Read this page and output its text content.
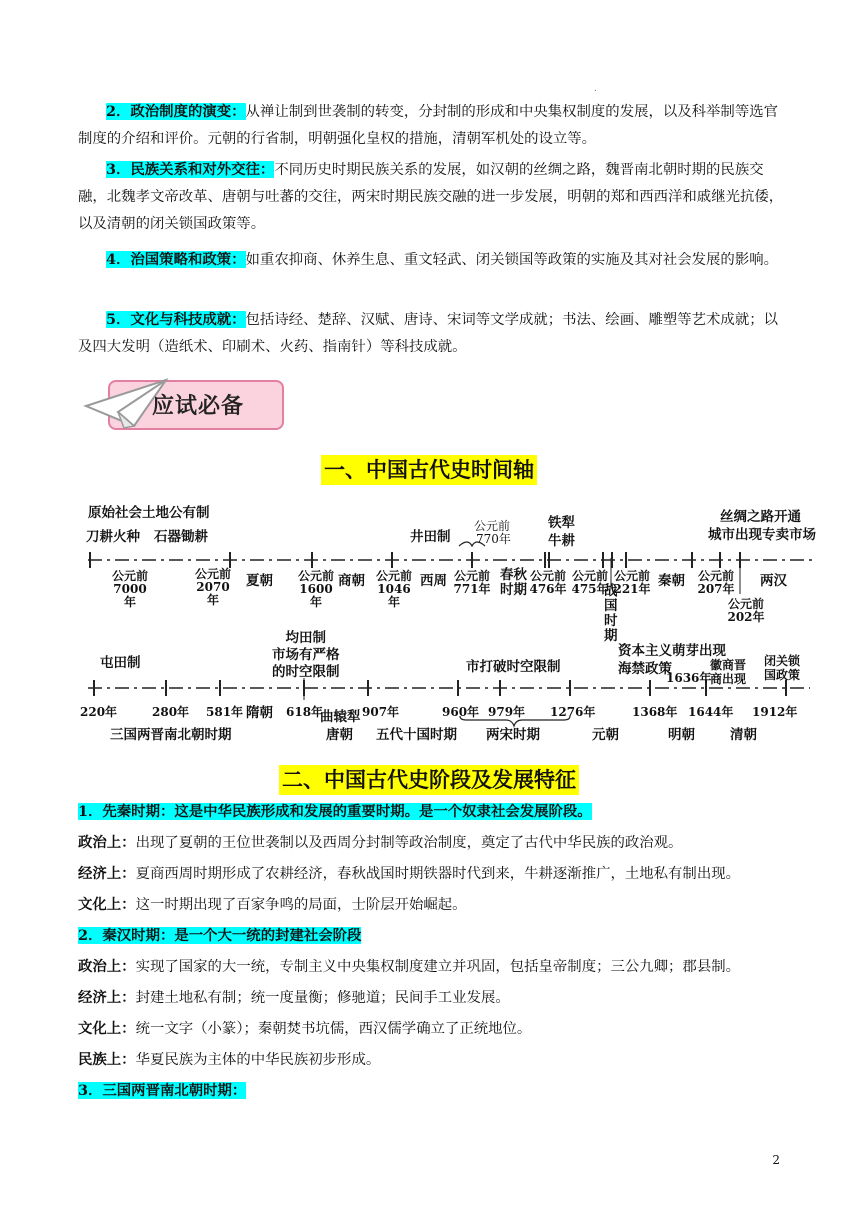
.
2．政治制度的演变：从禅让制到世袭制的转变，分封制的形成和中央集权制度的发展，以及科举制等选官制度的介绍和评价。元朝的行省制，明朝强化皇权的措施，清朝军机处的设立等。
3．民族关系和对外交往：不同历史时期民族关系的发展，如汉朝的丝绸之路，魏晋南北朝时期的民族交融，北魏孝文帝改革、唐朝与吐蕃的交往，两宋时期民族交融的进一步发展，明朝的郑和西西洋和戚继光抗倭，以及清朝的闭关锁国政策等。
4．治国策略和政策：如重农抑商、休养生息、重文轻武、闭关锁国等政策的实施及其对社会发展的影响。
5．文化与科技成就：包括诗经、楚辞、汉赋、唐诗、宋词等文学成就；书法、绘画、雕塑等艺术成就；以及四大发明（造纸术、印刷术、火药、指南针）等科技成就。
应试必备
一、中国古代史时间轴
原始社会土地公有制
刀耕火种 石器锄耕	井田制
公元前
770年
铁犁
牛耕
丝绸之路开通
城市出现专卖市场
公元前
7000年
公元前
2070年
公元前
1600年
公元前
1046年
公元前
771年
公元前
476年
公元前
475年
公元前
221年
公元前
207年
公元前
202年
夏朝	商朝	西周	春秋
时期	战
国
时
期
秦朝	两汉
屯田制
均田制
市场有严格
的时空限制	市打破时空限制
资本主义萌芽出现
海禁政策
1636年
徽商晋
商出现
闭关锁
国政策
220年	280年 581年	618年	907年	960年 979年 1276年	1368年 1644年 1912年
三国两晋南北朝时期
隋朝	曲辕犁
唐朝 五代十国时期 两宋时期	元朝	明朝	清朝
二、中国古代史阶段及发展特征
1．先秦时期：这是中华民族形成和发展的重要时期。是一个奴隶社会发展阶段。
政治上：出现了夏朝的王位世袭制以及西周分封制等政治制度，奠定了古代中华民族的政治观。
经济上：夏商西周时期形成了农耕经济，春秋战国时期铁器时代到来，牛耕逐渐推广，土地私有制出现。
文化上：这一时期出现了百家争鸣的局面，士阶层开始崛起。
2．秦汉时期：是一个大一统的封建社会阶段
政治上：实现了国家的大一统，专制主义中央集权制度建立并巩固，包括皇帝制度；三公九卿；郡县制。
经济上：封建土地私有制；统一度量衡；修驰道；民间手工业发展。
文化上：统一文字（小篆）；秦朝焚书坑儒，西汉儒学确立了正统地位。
民族上：华夏民族为主体的中华民族初步形成。
3．三国两晋南北朝时期：
2
